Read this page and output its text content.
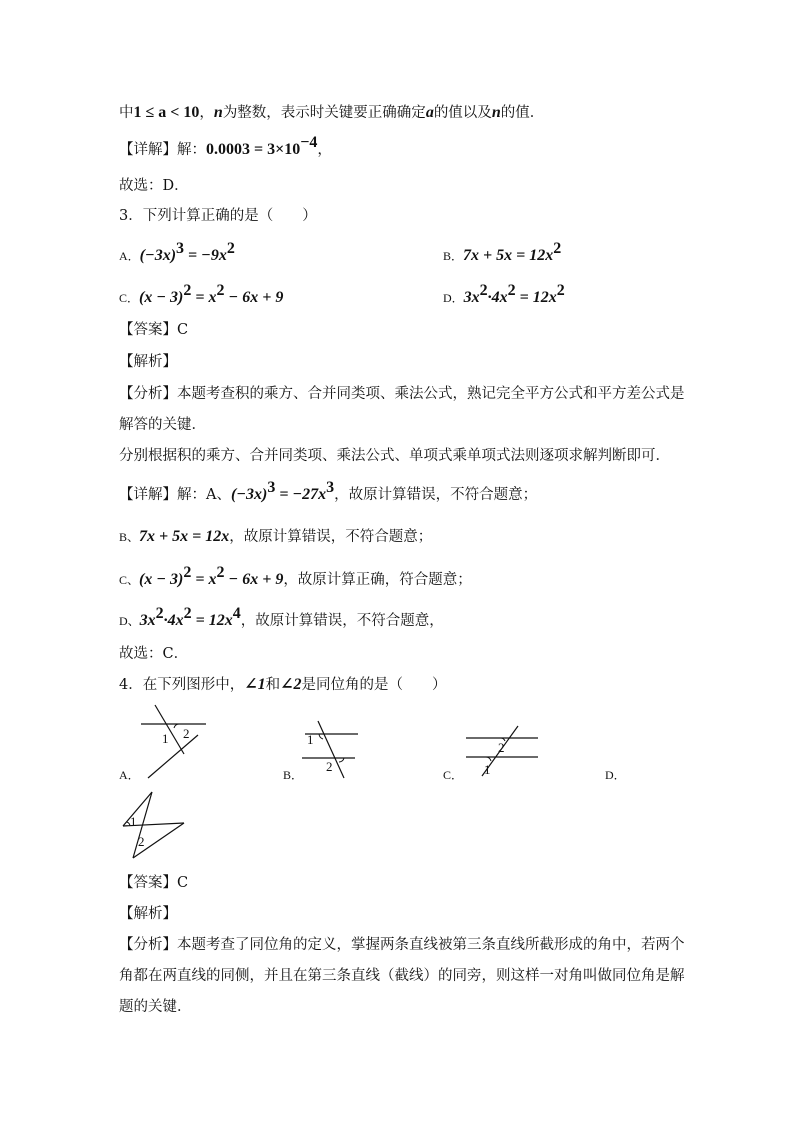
中1 ≤ a < 10，n为整数，表示时关键要正确确定a的值以及n的值．
【详解】解：$0.0003 = 3\times 10^{-4}$，
故选：D．
3．下列计算正确的是（　　）
A．$(-3x)^3 = -9x^2$	B．$7x + 5x = 12x^2$
C．$(x - 3)^2 = x^2 - 6x + 9$	D．$3x^2\cdot 4x^2 = 12x^2$
【答案】C
【解析】
【分析】本题考查积的乘方、合并同类项、乘法公式，熟记完全平方公式和平方差公式是
解答的关键．
分别根据积的乘方、合并同类项、乘法公式、单项式乘单项式法则逐项求解判断即可．
【详解】解：A、$(-3x)^3 = -27x^3$，故原计算错误，不符合题意；
B、7x + 5x = 12x，故原计算错误，不符合题意；
C、$(x - 3)^2 = x^2 - 6x + 9$，故原计算正确，符合题意；
D、$3x^2\cdot 4x^2 = 12x^4$，故原计算错误，不符合题意，
故选：C．
4．在下列图形中，∠1和∠2是同位角的是（　　）
A．
1 2
B．
1
2
C．
2
1	D．
1
2
【答案】C
【解析】
【分析】本题考查了同位角的定义，掌握两条直线被第三条直线所截形成的角中，若两个
角都在两直线的同侧，并且在第三条直线（截线）的同旁，则这样一对角叫做同位角是解
题的关键．
